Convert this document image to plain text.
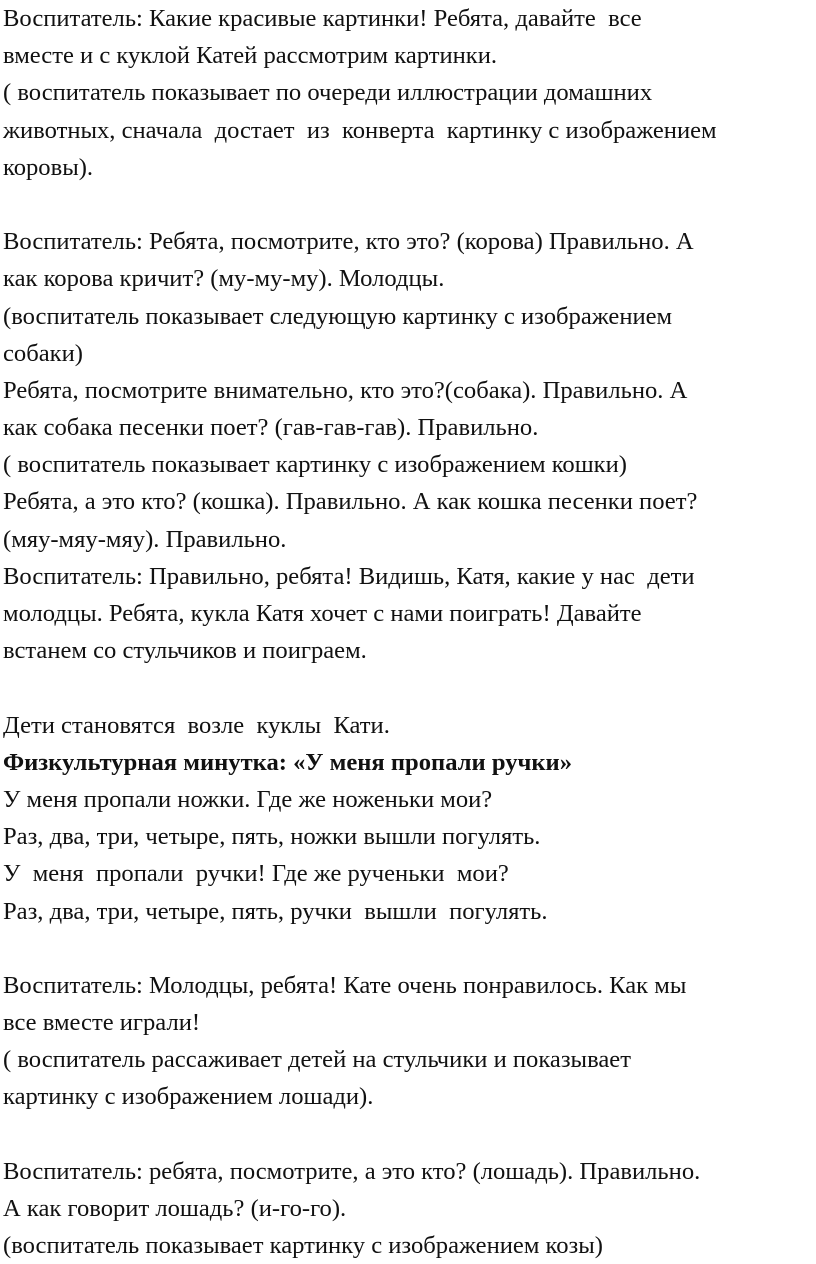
Воспитатель: Какие красивые картинки! Ребята, давайте  все
вместе и с куклой Катей рассмотрим картинки.
( воспитатель показывает по очереди иллюстрации домашних
животных, сначала  достает  из  конверта  картинку с изображением
коровы).
Воспитатель: Ребята, посмотрите, кто это? (корова) Правильно. А
как корова кричит? (му-му-му). Молодцы.
(воспитатель показывает следующую картинку с изображением
собаки)
Ребята, посмотрите внимательно, кто это?(собака). Правильно. А
как собака песенки поет? (гав-гав-гав). Правильно.
( воспитатель показывает картинку с изображением кошки)
Ребята, а это кто? (кошка). Правильно. А как кошка песенки поет?
(мяу-мяу-мяу). Правильно.
Воспитатель: Правильно, ребята! Видишь, Катя, какие у нас  дети
молодцы. Ребята, кукла Катя хочет с нами поиграть! Давайте
встанем со стульчиков и поиграем.
Дети становятся  возле  куклы  Кати.
Физкультурная минутка: «У меня пропали ручки»
У меня пропали ножки. Где же ноженьки мои?
Раз, два, три, четыре, пять, ножки вышли погулять.
У  меня  пропали  ручки! Где же рученьки  мои?
Раз, два, три, четыре, пять, ручки  вышли  погулять.
Воспитатель: Молодцы, ребята! Кате очень понравилось. Как мы
все вместе играли!
( воспитатель рассаживает детей на стульчики и показывает
картинку с изображением лошади).
Воспитатель: ребята, посмотрите, а это кто? (лошадь). Правильно.
А как говорит лошадь? (и-го-го).
(воспитатель показывает картинку с изображением козы)
